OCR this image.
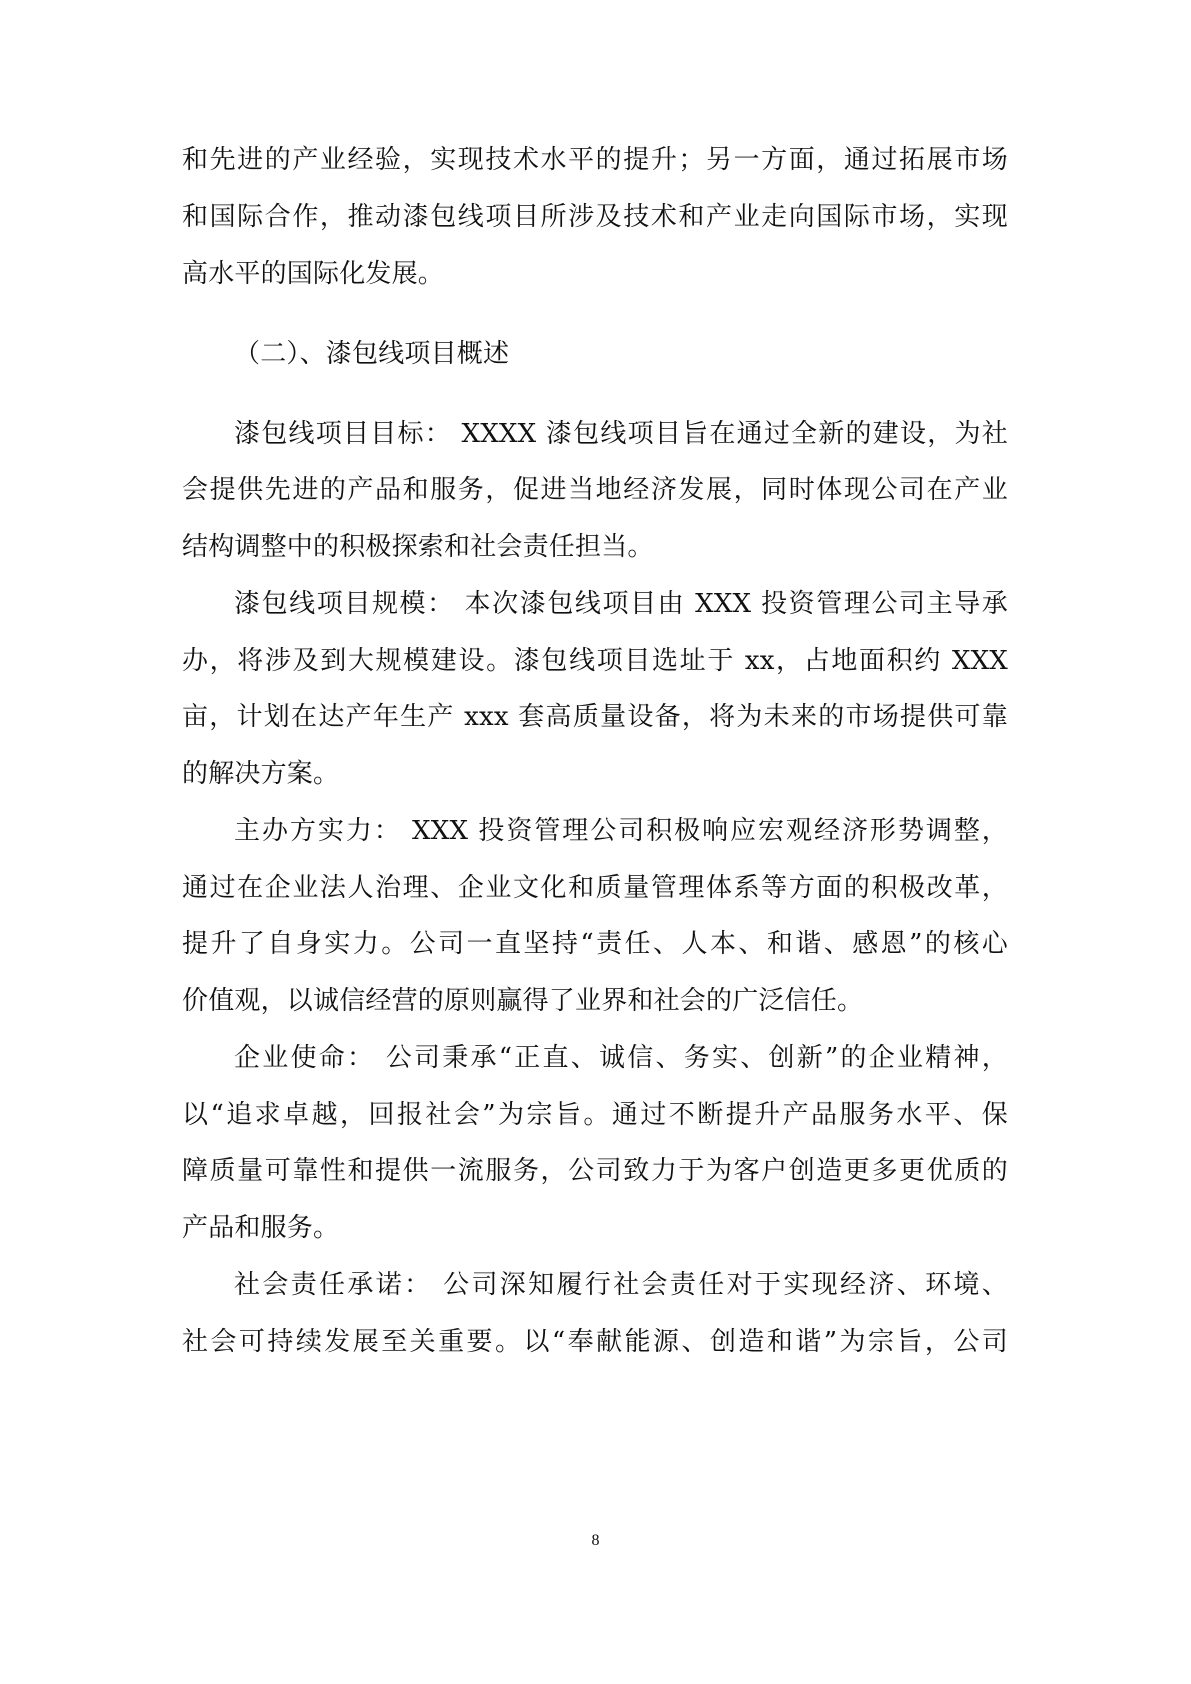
和先进的产业经验，实现技术水平的提升；另一方面，通过拓展市场
和国际合作，推动漆包线项目所涉及技术和产业走向国际市场，实现
高水平的国际化发展。
（二）、漆包线项目概述
漆包线项目目标： XXXX 漆包线项目旨在通过全新的建设，为社
会提供先进的产品和服务，促进当地经济发展，同时体现公司在产业
结构调整中的积极探索和社会责任担当。
漆包线项目规模： 本次漆包线项目由 XXX 投资管理公司主导承
办，将涉及到大规模建设。漆包线项目选址于 xx，占地面积约 XXX
亩，计划在达产年生产 xxx 套高质量设备，将为未来的市场提供可靠
的解决方案。
主办方实力： XXX 投资管理公司积极响应宏观经济形势调整，
通过在企业法人治理、企业文化和质量管理体系等方面的积极改革，
提升了自身实力。公司一直坚持“责任、人本、和谐、感恩”的核心
价值观，以诚信经营的原则赢得了业界和社会的广泛信任。
企业使命： 公司秉承“正直、诚信、务实、创新”的企业精神，
以“追求卓越，回报社会”为宗旨。通过不断提升产品服务水平、保
障质量可靠性和提供一流服务，公司致力于为客户创造更多更优质的
产品和服务。
社会责任承诺： 公司深知履行社会责任对于实现经济、环境、
社会可持续发展至关重要。以“奉献能源、创造和谐”为宗旨，公司
8
